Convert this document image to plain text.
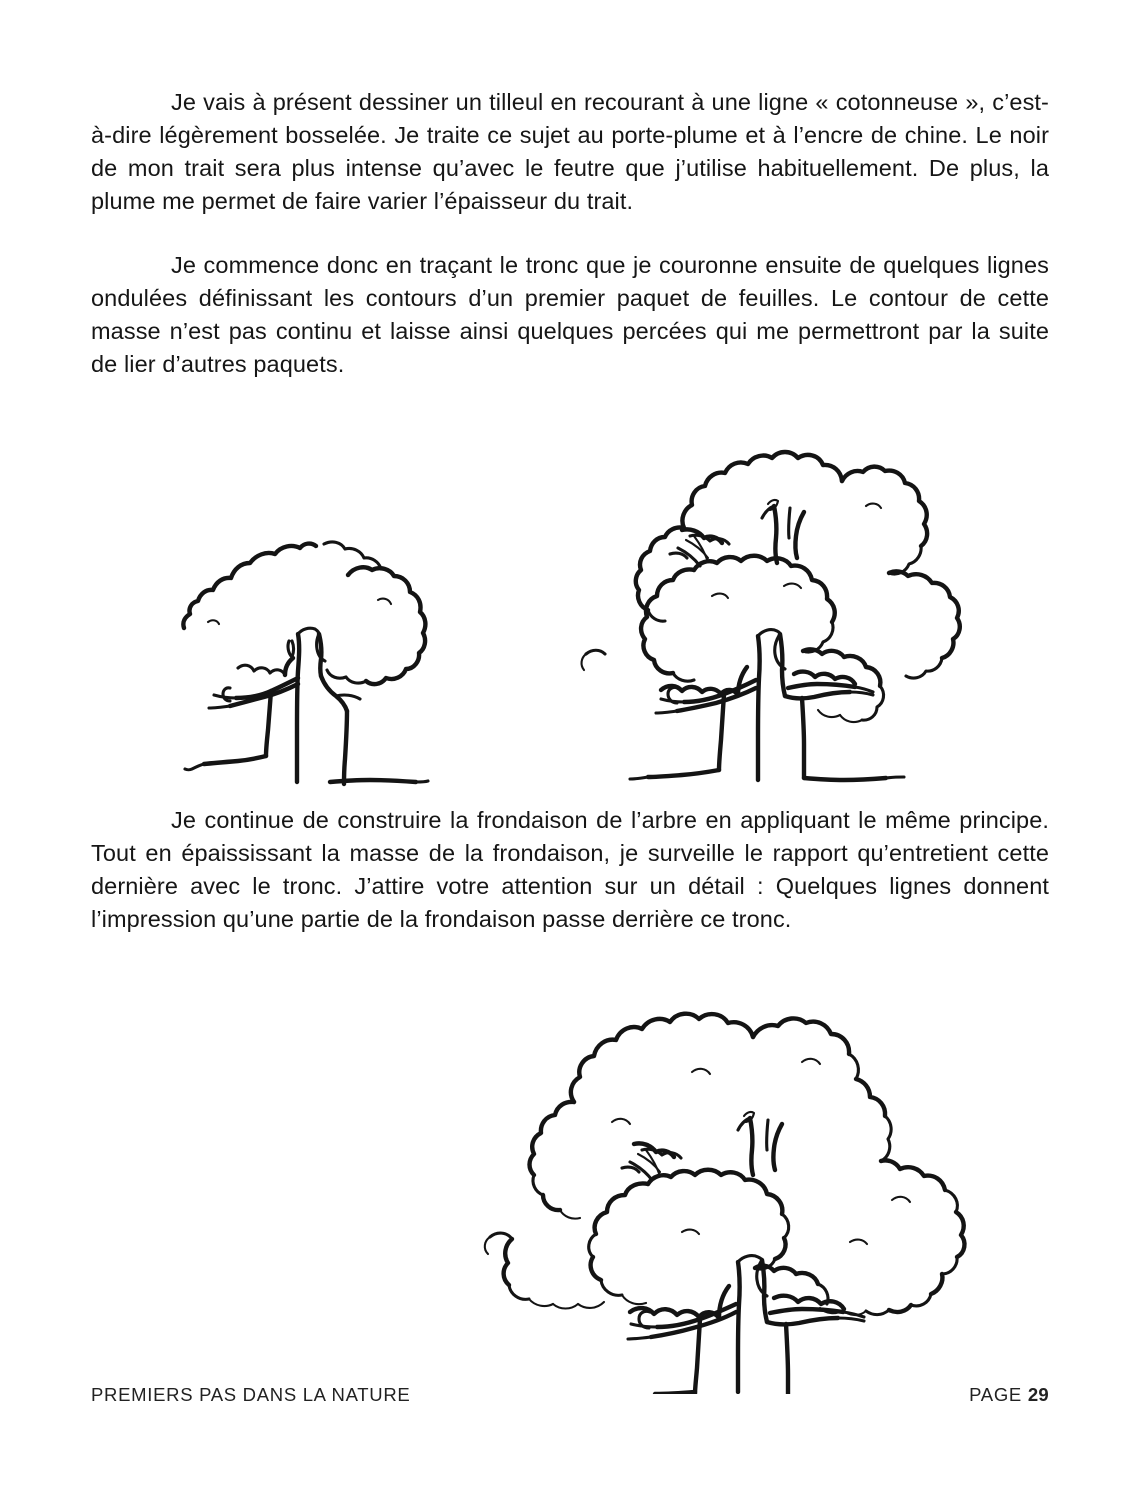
Je vais à présent dessiner un tilleul en recourant à une ligne « cotonneuse », c’est-à-dire légèrement bosselée. Je traite ce sujet au porte-plume et à l’encre de chine. Le noir de mon trait sera plus intense qu’avec le feutre que j’utilise habituellement. De plus, la plume me permet de faire varier l’épaisseur du trait.

Je commence donc en traçant le tronc que je couronne ensuite de quelques lignes ondulées définissant les contours d’un premier paquet de feuilles. Le contour de cette masse n’est pas continu et laisse ainsi quelques percées qui me permettront par la suite de lier d’autres paquets.

Je continue de construire la frondaison de l’arbre en appliquant le même principe. Tout en épaississant la masse de la frondaison, je surveille le rapport qu’entretient cette dernière avec le tronc. J’attire votre attention sur un détail : Quelques lignes donnent l’impression qu’une partie de la frondaison passe derrière ce tronc.

PREMIERS PAS DANS LA NATURE	PAGE 29
